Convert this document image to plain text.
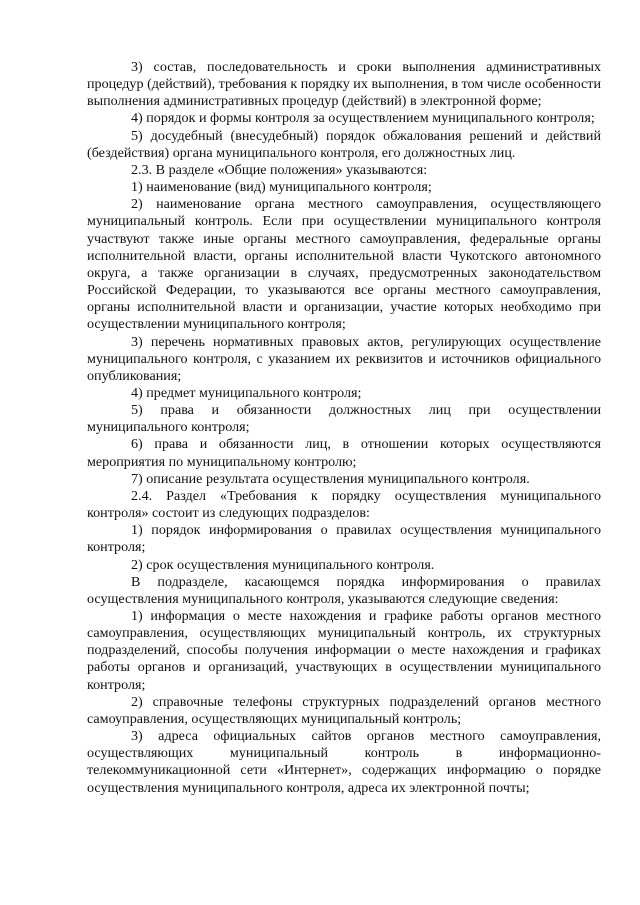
3) состав, последовательность и сроки выполнения административных процедур (действий), требования к порядку их выполнения, в том числе особенности выполнения административных процедур (действий) в электронной форме;

4) порядок и формы контроля за осуществлением муниципального контроля;

5) досудебный (внесудебный) порядок обжалования решений и действий (бездействия) органа муниципального контроля, его должностных лиц.

2.3. В разделе «Общие положения» указываются:

1) наименование (вид) муниципального контроля;

2) наименование органа местного самоуправления, осуществляющего муниципальный контроль. Если при осуществлении муниципального контроля участвуют также иные органы местного самоуправления, федеральные органы исполнительной власти, органы исполнительной власти Чукотского автономного округа, а также организации в случаях, предусмотренных законодательством Российской Федерации, то указываются все органы местного самоуправления, органы исполнительной власти и организации, участие которых необходимо при осуществлении муниципального контроля;

3) перечень нормативных правовых актов, регулирующих осуществление муниципального контроля, с указанием их реквизитов и источников официального опубликования;

4) предмет муниципального контроля;

5) права и обязанности должностных лиц при осуществлении муниципального контроля;

6) права и обязанности лиц, в отношении которых осуществляются мероприятия по муниципальному контролю;

7) описание результата осуществления муниципального контроля.

2.4. Раздел «Требования к порядку осуществления муниципального контроля» состоит из следующих подразделов:

1) порядок информирования о правилах осуществления муниципального контроля;

2) срок осуществления муниципального контроля.

В подразделе, касающемся порядка информирования о правилах осуществления муниципального контроля, указываются следующие сведения:

1) информация о месте нахождения и графике работы органов местного самоуправления, осуществляющих муниципальный контроль, их структурных подразделений, способы получения информации о месте нахождения и графиках работы органов и организаций, участвующих в осуществлении муниципального контроля;

2) справочные телефоны структурных подразделений органов местного самоуправления, осуществляющих муниципальный контроль;

3) адреса официальных сайтов органов местного самоуправления, осуществляющих муниципальный контроль в информационно-телекоммуникационной сети «Интернет», содержащих информацию о порядке осуществления муниципального контроля, адреса их электронной почты;
